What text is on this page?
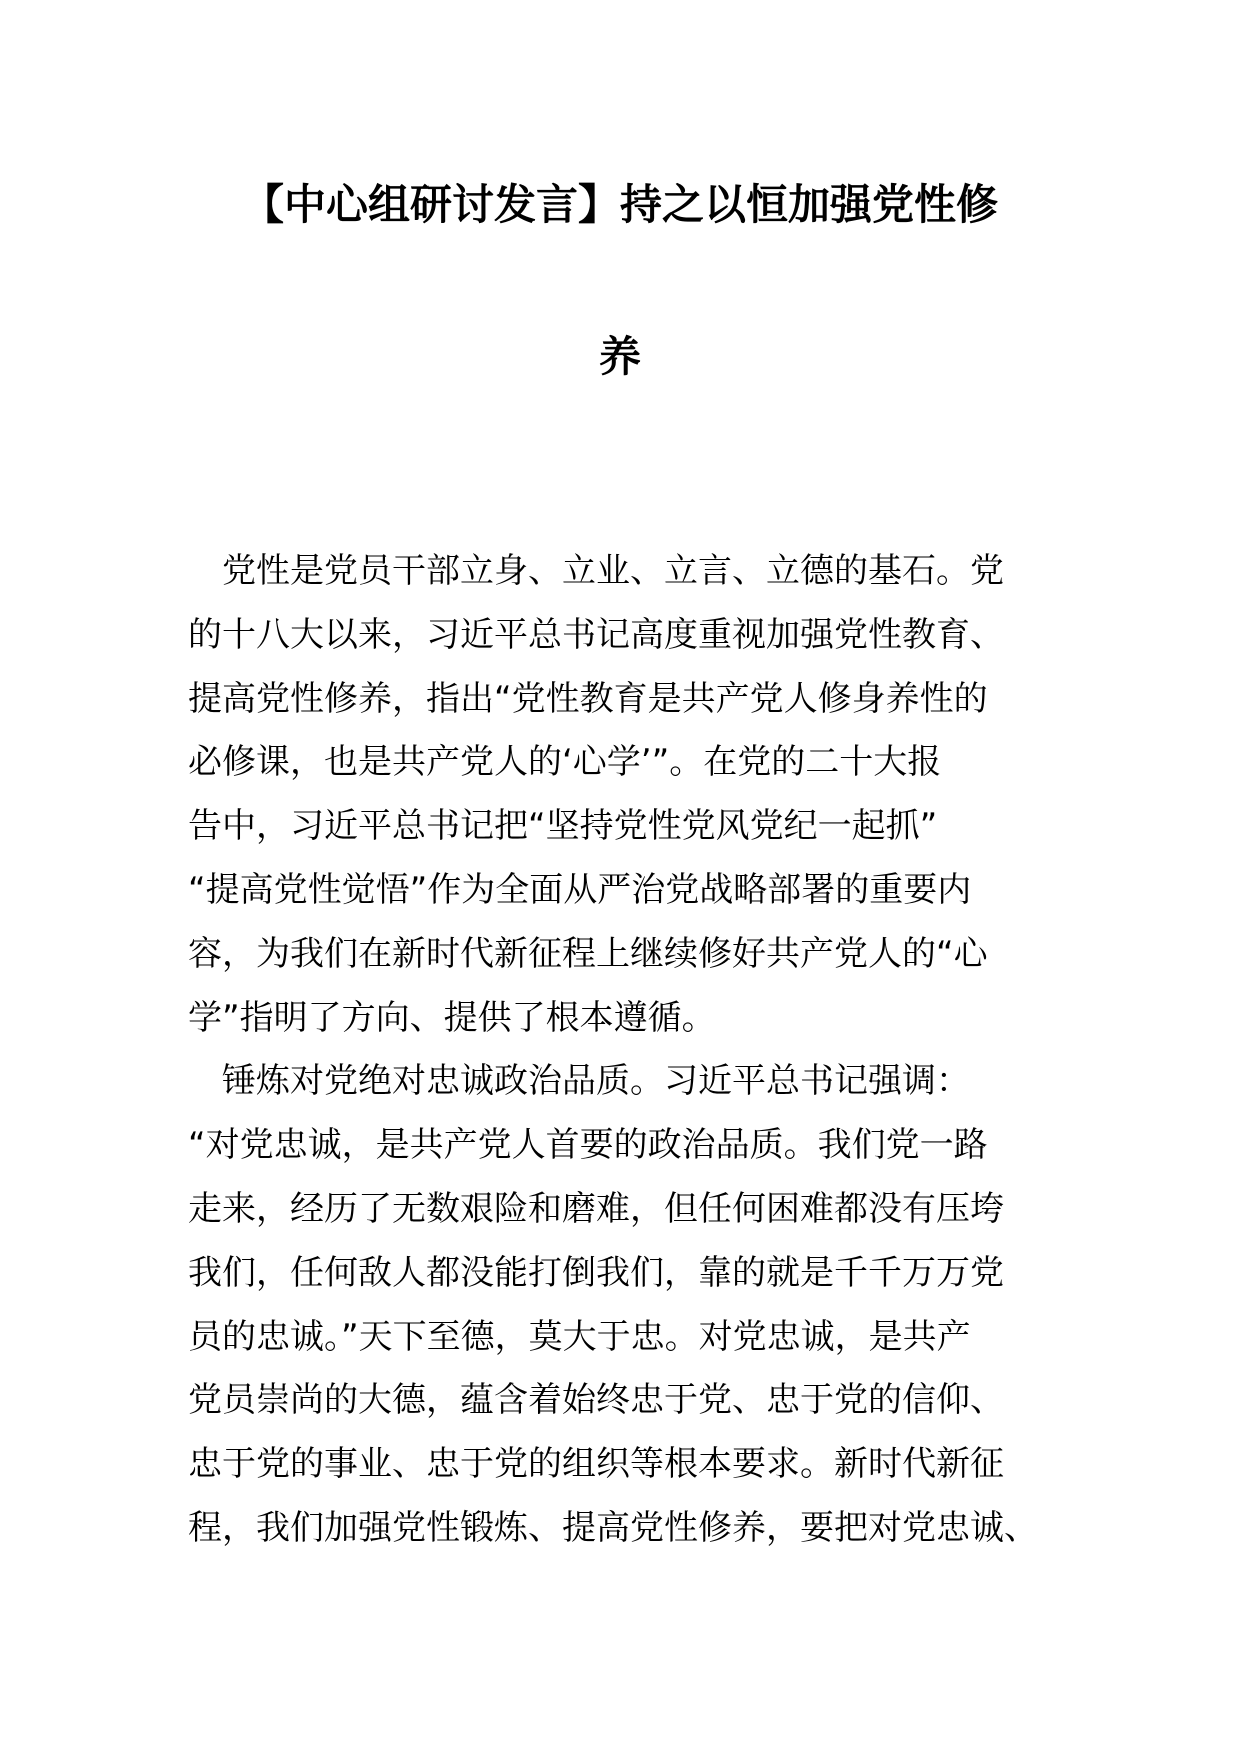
【中心组研讨发言】持之以恒加强党性修
养
　党性是党员干部立身、立业、立言、立德的基石。党
的十八大以来，习近平总书记高度重视加强党性教育、
提高党性修养，指出“党性教育是共产党人修身养性的
必修课，也是共产党人的‘心学’”。在党的二十大报
告中，习近平总书记把“坚持党性党风党纪一起抓”
“提高党性觉悟”作为全面从严治党战略部署的重要内
容，为我们在新时代新征程上继续修好共产党人的“心
学”指明了方向、提供了根本遵循。
　锤炼对党绝对忠诚政治品质。习近平总书记强调：
“对党忠诚，是共产党人首要的政治品质。我们党一路
走来，经历了无数艰险和磨难，但任何困难都没有压垮
我们，任何敌人都没能打倒我们，靠的就是千千万万党
员的忠诚。”天下至德，莫大于忠。对党忠诚，是共产
党员崇尚的大德，蕴含着始终忠于党、忠于党的信仰、
忠于党的事业、忠于党的组织等根本要求。新时代新征
程，我们加强党性锻炼、提高党性修养，要把对党忠诚、
